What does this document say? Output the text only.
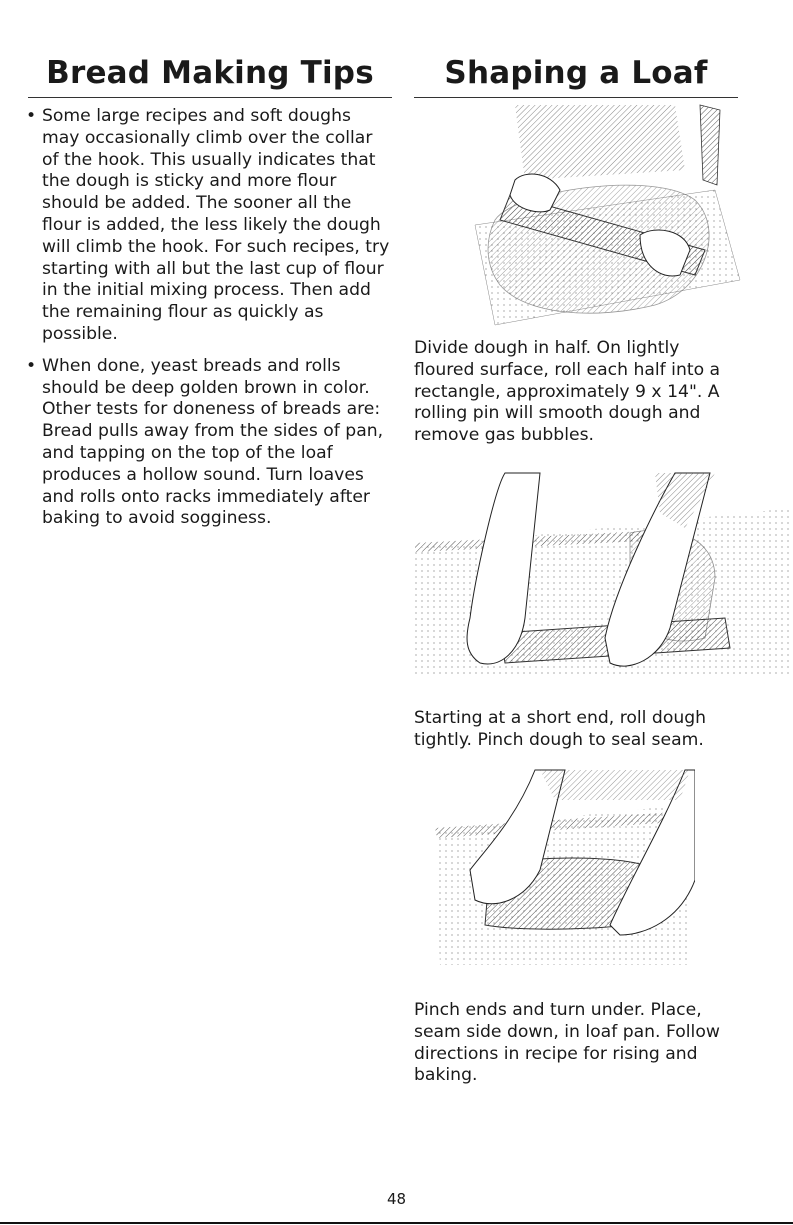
Bread Making Tips	Shaping a Loaf
• Some large recipes and soft doughs may occasionally climb over the collar of the hook. This usually indicates that the dough is sticky and more flour should be added. The sooner all the flour is added, the less likely the dough will climb the hook. For such recipes, try starting with all but the last cup of flour in the initial mixing process. Then add the remaining flour as quickly as possible.
• When done, yeast breads and rolls should be deep golden brown in color. Other tests for doneness of breads are: Bread pulls away from the sides of pan, and tapping on the top of the loaf produces a hollow sound. Turn loaves and rolls onto racks immediately after baking to avoid sogginess.

Divide dough in half. On lightly floured surface, roll each half into a rectangle, approximately 9 x 14". A rolling pin will smooth dough and remove gas bubbles.

Starting at a short end, roll dough tightly. Pinch dough to seal seam.

Pinch ends and turn under. Place, seam side down, in loaf pan. Follow directions in recipe for rising and baking.

48
